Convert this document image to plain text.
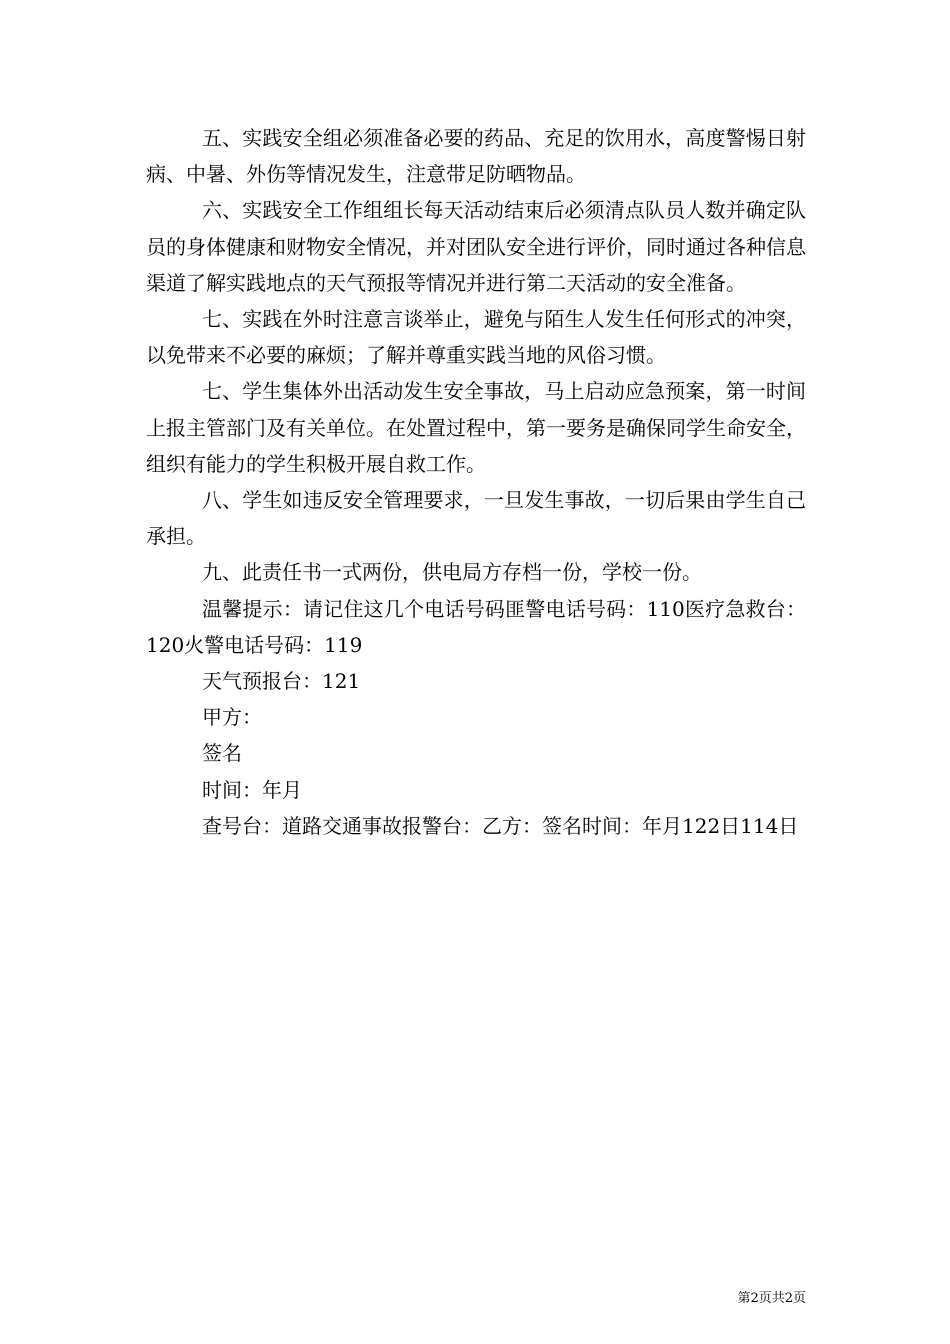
五、实践安全组必须准备必要的药品、充足的饮用水，高度警惕日射病、中暑、外伤等情况发生，注意带足防晒物品。

六、实践安全工作组组长每天活动结束后必须清点队员人数并确定队员的身体健康和财物安全情况，并对团队安全进行评价，同时通过各种信息渠道了解实践地点的天气预报等情况并进行第二天活动的安全准备。

七、实践在外时注意言谈举止，避免与陌生人发生任何形式的冲突，以免带来不必要的麻烦；了解并尊重实践当地的风俗习惯。

七、学生集体外出活动发生安全事故，马上启动应急预案，第一时间上报主管部门及有关单位。在处置过程中，第一要务是确保同学生命安全，组织有能力的学生积极开展自救工作。

八、学生如违反安全管理要求，一旦发生事故，一切后果由学生自己承担。

九、此责任书一式两份，供电局方存档一份，学校一份。

温馨提示：请记住这几个电话号码匪警电话号码：110医疗急救台：120火警电话号码：119

天气预报台：121

甲方：

签名

时间：年月

查号台：道路交通事故报警台：乙方：签名时间：年月122日114日

第2页共2页
